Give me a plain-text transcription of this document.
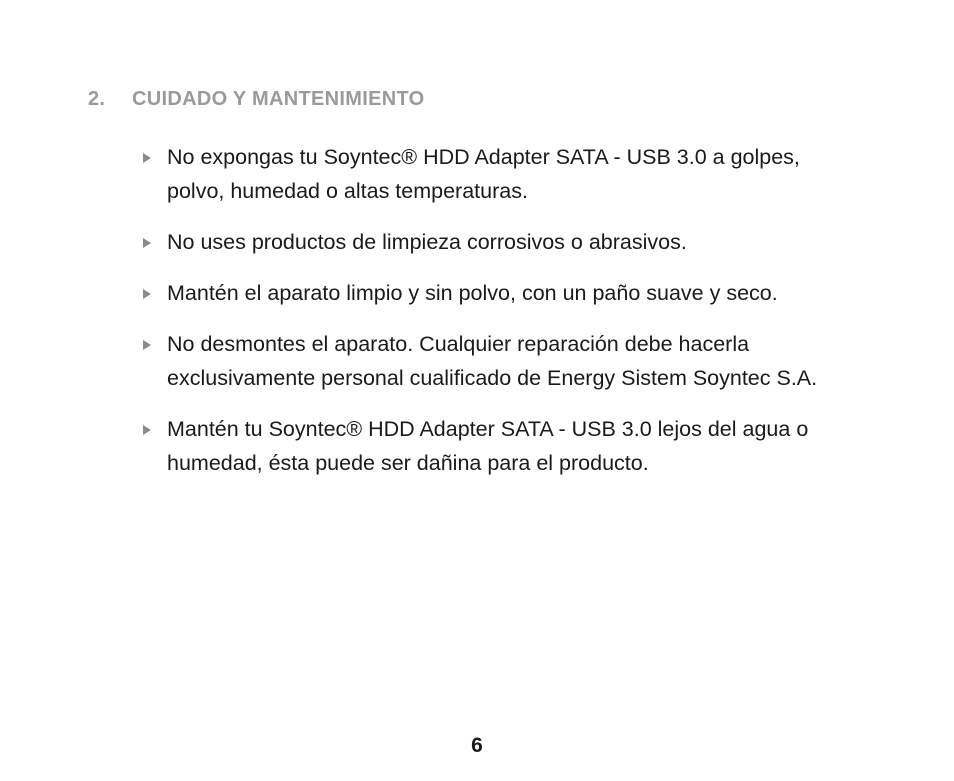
2. CUIDADO Y MANTENIMIENTO
No expongas tu Soyntec® HDD Adapter SATA - USB 3.0 a golpes, polvo, humedad o altas temperaturas.
No uses productos de limpieza corrosivos o abrasivos.
Mantén el aparato limpio y sin polvo, con un paño suave y seco.
No desmontes el aparato. Cualquier reparación debe hacerla exclusivamente personal cualificado de Energy Sistem Soyntec S.A.
Mantén tu Soyntec® HDD Adapter SATA - USB 3.0 lejos del agua o humedad, ésta puede ser dañina para el producto.
6
